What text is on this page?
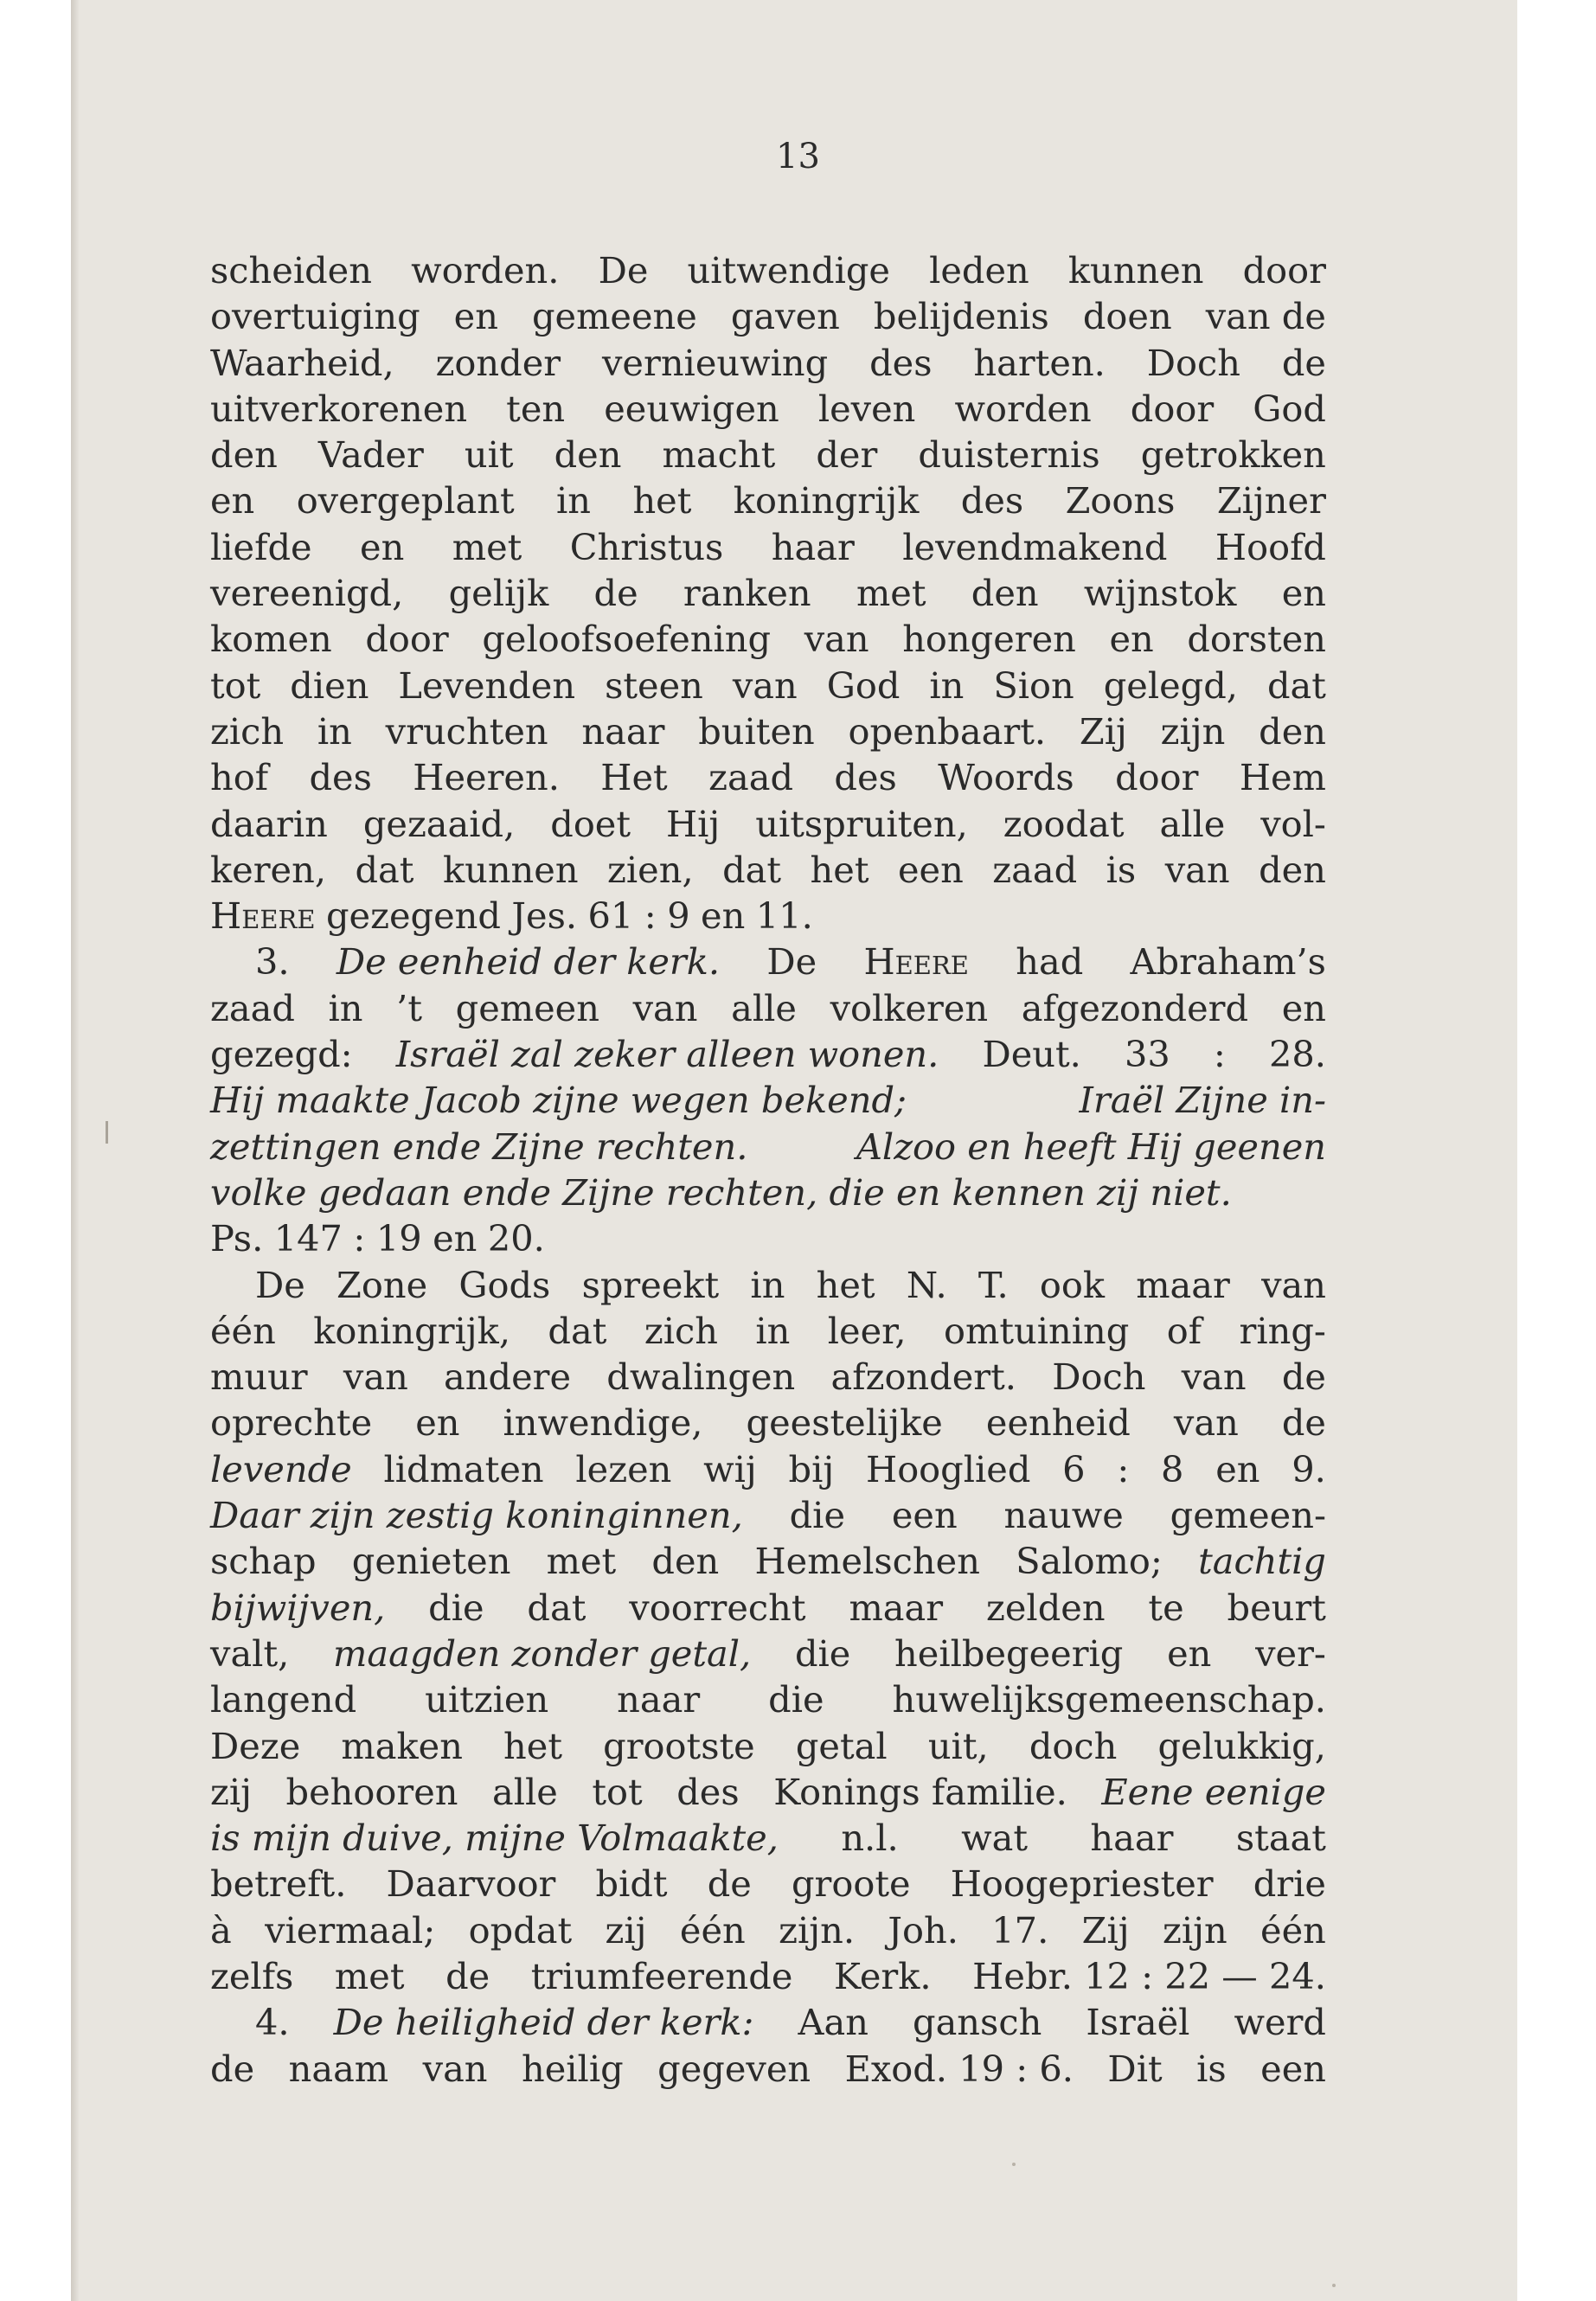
13
scheiden worden. De uitwendige leden kunnen door
overtuiging en gemeene gaven belijdenis doen van de
Waarheid, zonder vernieuwing des harten. Doch de
uitverkorenen ten eeuwigen leven worden door God
den Vader uit den macht der duisternis getrokken
en overgeplant in het koningrijk des Zoons Zijner
liefde en met Christus haar levendmakend Hoofd
vereenigd, gelijk de ranken met den wijnstok en
komen door geloofsoefening van hongeren en dorsten
tot dien Levenden steen van God in Sion gelegd, dat
zich in vruchten naar buiten openbaart. Zij zijn den
hof des Heeren. Het zaad des Woords door Hem
daarin gezaaid, doet Hij uitspruiten, zoodat alle vol-
keren, dat kunnen zien, dat het een zaad is van den
Heere gezegend Jes. 61 : 9 en 11.
3. De eenheid der kerk. De Heere had Abraham’s
zaad in ’t gemeen van alle volkeren afgezonderd en
gezegd: Israël zal zeker alleen wonen. Deut. 33 : 28.
Hij maakte Jacob zijne wegen bekend;	Iraël Zijne in-
zettingen ende Zijne rechten.	Alzoo en heeft Hij geenen
volke gedaan ende Zijne rechten, die en kennen zij niet.
Ps. 147 : 19 en 20.
De Zone Gods spreekt in het N. T. ook maar van
één koningrijk, dat zich in leer, omtuining of ring-
muur van andere dwalingen afzondert. Doch van de
oprechte en inwendige, geestelijke eenheid van de
levende lidmaten lezen wij bij Hooglied 6 : 8 en 9.
Daar zijn zestig koninginnen, die een nauwe gemeen-
schap genieten met den Hemelschen Salomo; tachtig
bijwijven, die dat voorrecht maar zelden te beurt
valt, maagden zonder getal, die heilbegeerig en ver-
langend uitzien naar die huwelijksgemeenschap.
Deze maken het grootste getal uit, doch gelukkig,
zij behooren alle tot des Konings familie. Eene eenige
is mijn duive, mijne Volmaakte, n.l. wat haar staat
betreft. Daarvoor bidt de groote Hoogepriester drie
à viermaal; opdat zij één zijn. Joh. 17. Zij zijn één
zelfs met de triumfeerende Kerk. Hebr. 12 : 22 — 24.
4. De heiligheid der kerk: Aan gansch Israël werd
de naam van heilig gegeven Exod. 19 : 6. Dit is een
